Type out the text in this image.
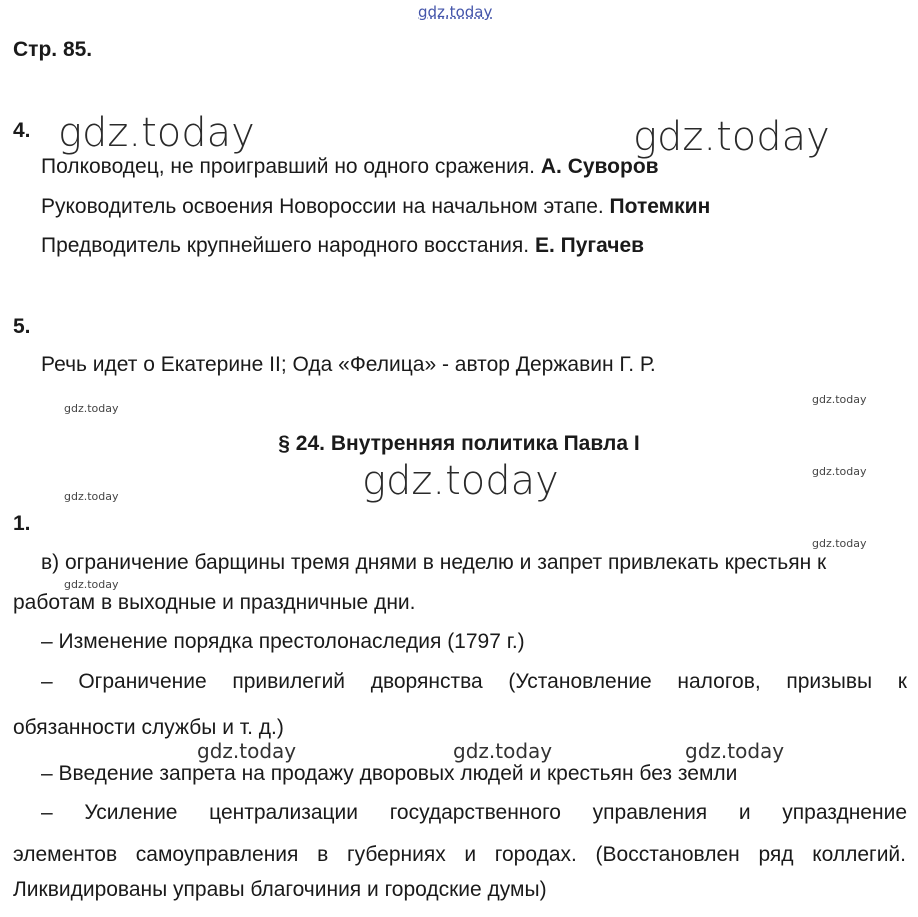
gdz.today
gdz.today	gdz.today
gdz.today
gdz.today	gdz.today	gdz.today
gdz.today
gdz.today
gdz.today
gdz.today
gdz.today
gdz.today
Стр. 85.
4.
Полководец, не проигравший но одного сражения. А. Суворов
Руководитель освоения Новороссии на начальном этапе. Потемкин
Предводитель крупнейшего народного восстания. Е. Пугачев
5.
Речь идет о Екатерине II; Ода «Фелица» - автор Державин Г. Р.
§ 24. Внутренняя политика Павла I
1.
в) ограничение барщины тремя днями в неделю и запрет привлекать крестьян к
работам в выходные и праздничные дни.
– Изменение порядка престолонаследия (1797 г.)
– Ограничение привилегий дворянства (Установление налогов, призывы к
обязанности службы и т. д.)
– Введение запрета на продажу дворовых людей и крестьян без земли
– Усиление централизации государственного управления и упразднение
элементов самоуправления в губерниях и городах. (Восстановлен ряд коллегий.
Ликвидированы управы благочиния и городские думы)
